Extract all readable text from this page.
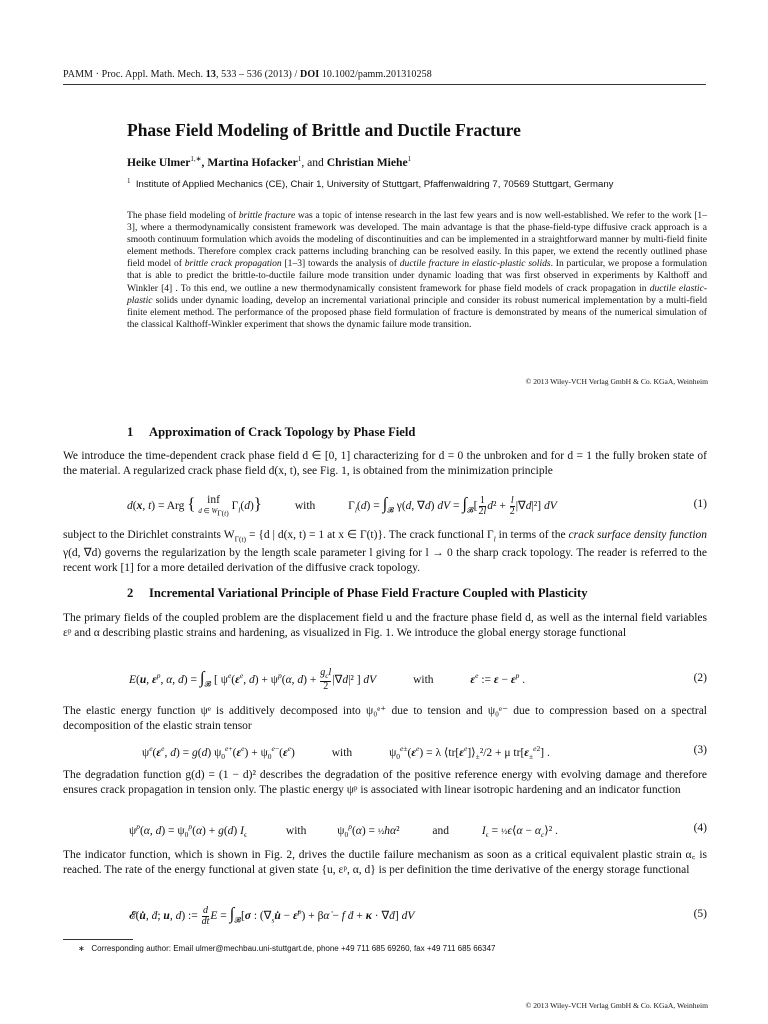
PAMM · Proc. Appl. Math. Mech. 13, 533 – 536 (2013) / DOI 10.1002/pamm.201310258
Phase Field Modeling of Brittle and Ductile Fracture
Heike Ulmer$^{1,∗}$, Martina Hofacker$^1$, and Christian Miehe$^1$
$^1$ Institute of Applied Mechanics (CE), Chair 1, University of Stuttgart, Pfaffenwaldring 7, 70569 Stuttgart, Germany

The phase field modeling of brittle fracture was a topic of intense research in the last few years and is now well-established. We refer to the work [1–3], where a thermodynamically consistent framework was developed. The main advantage is that the phase-field-type diffusive crack approach is a smooth continuum formulation which avoids the modeling of discontinuities and can be implemented in a straightforward manner by multi-field finite element methods. Therefore complex crack patterns including branching can be resolved easily. In this paper, we extend the recently outlined phase field model of brittle crack propagation [1–3] towards the analysis of ductile fracture in elastic-plastic solids. In particular, we propose a formulation that is able to predict the brittle-to-ductile failure mode transition under dynamic loading that was first observed in experiments by Kalthoff and Winkler [4] . To this end, we outline a new thermodynamically consistent framework for phase field models of crack propagation in ductile elastic-plastic solids under dynamic loading, develop an incremental variational principle and consider its robust numerical implementation by a multi-field finite element method. The performance of the proposed phase field formulation of fracture is demonstrated by means of the numerical simulation of the classical Kalthoff-Winkler experiment that shows the dynamic failure mode transition.

© 2013 Wiley-VCH Verlag GmbH & Co. KGaA, Weinheim
1 Approximation of Crack Topology by Phase Field

We introduce the time-dependent crack phase field d ∈ [0, 1] characterizing for d = 0 the unbroken and for d = 1 the fully broken state of the material. A regularized crack phase field d(x, t), see Fig. 1, is obtained from the minimization principle

d(x, t) = Arg { inf
d ∈ $W_{\Gamma(t)}$ $\Gamma_l(d)$}	with	$\Gamma_l(d) = \int_𝓑$ γ(d, ∇d) dV = $\int_𝓑[ \frac{1}{2l} d^2 + \frac{l}{2} |\nabla d|^2]$ dV	(1)

subject to the Dirichlet constraints $W_{\Gamma(t)} = \{d$ | d(x, t) = 1 at x ∈ Γ(t)}. The crack functional $\Gamma_l$ in terms of the crack surface density function γ(d, ∇d) governs the regularization by the length scale parameter l giving for l → 0 the sharp crack topology. The reader is referred to the recent work [1] for a more detailed derivation of the diffusive crack topology.

2 Incremental Variational Principle of Phase Field Fracture Coupled with Plasticity

The primary fields of the coupled problem are the displacement field u and the fracture phase field d, as well as the internal field variables εᵖ and α describing plastic strains and hardening, as visualized in Fig. 1. We introduce the global energy storage functional

E(u, $\varepsilon^p$, α, $d) = \int_𝓑$ [ $\psi^e(\varepsilon^e$, $d) + \psi^p(\alpha$, $d) + \frac{g_cl}{2} |\nabla d|^2$ ] dV	with	$\varepsilon^e$ := $\varepsilon - \varepsilon^p$ .	(2)

The elastic energy function ψᵉ is additively decomposed into ψ₀ᵉ⁺ due to tension and ψ₀ᵉ⁻ due to compression based on a spectral decomposition of the elastic strain tensor

$\psi^e(\varepsilon^e$, d) = g(d) $\psi_0^{e+}(\varepsilon^e) + \psi_0^{e-}(\varepsilon^e)$	with	$\psi_0^{e\pm}(\varepsilon^e) = \lambda$ $⟨tr[\varepsilon^e]⟩_\pm^2/2 + \mu$ $tr[\varepsilon_\pm^{e2}]$ .	(3)

The degradation function g(d) = (1 − d)² describes the degradation of the positive reference energy with evolving damage and therefore ensures crack propagation in tension only. The plastic energy ψᵖ is associated with linear isotropic hardening and an indicator function

$\psi^p(\alpha$, $d) = \psi_0^p(\alpha) + g(d)$ $I_\epsilon$	with $\psi_0^p(\alpha)$ = ½hα²	and	$I_\epsilon$ = ½ϵ⟨α − $\alpha_c⟩^2$ .	(4)

The indicator function, which is shown in Fig. 2, drives the ductile failure mechanism as soon as a critical equivalent plastic strain α꜀ is reached. The rate of the energy functional at given state {u, εᵖ, α, d} is per definition the time derivative of the energy storage functional

𝓔(u̇, ḋ; u, d) := $\frac{d}{dt}$ $E = \int_𝓑[\sigma$ : ($\nabla_su̇$ − ε̇$^p$) + βα̇ − f ḋ + κ · ∇ḋ] dV	(5)
∗ Corresponding author: Email ulmer@mechbau.uni-stuttgart.de, phone +49 711 685 69260, fax +49 711 685 66347
© 2013 Wiley-VCH Verlag GmbH & Co. KGaA, Weinheim
